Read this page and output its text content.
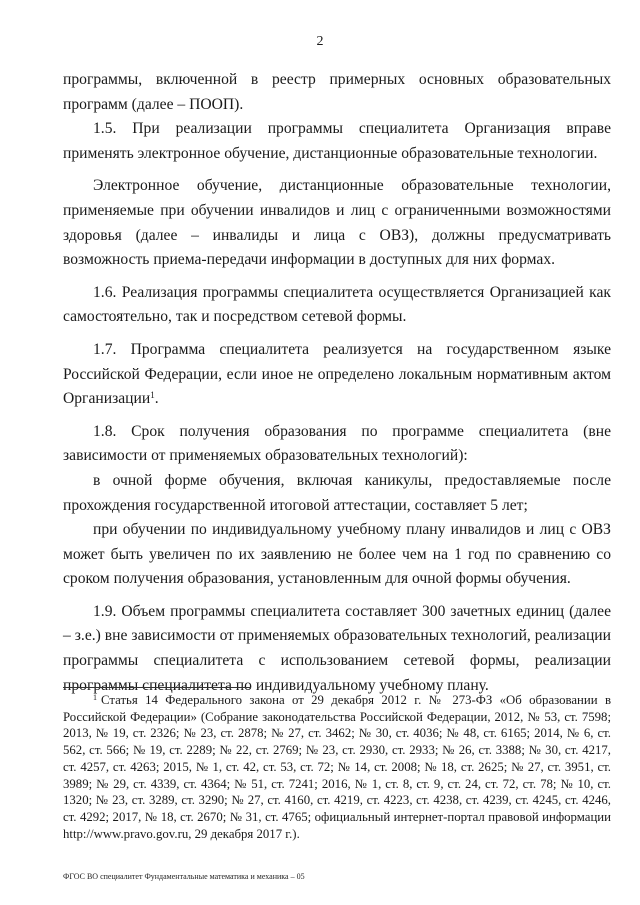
2

программы, включенной в реестр примерных основных образовательных программ (далее – ПООП).

1.5. При реализации программы специалитета Организация вправе применять электронное обучение, дистанционные образовательные технологии.

Электронное обучение, дистанционные образовательные технологии, применяемые при обучении инвалидов и лиц с ограниченными возможностями здоровья (далее – инвалиды и лица с ОВЗ), должны предусматривать возможность приема-передачи информации в доступных для них формах.

1.6. Реализация программы специалитета осуществляется Организацией как самостоятельно, так и посредством сетевой формы.

1.7. Программа специалитета реализуется на государственном языке Российской Федерации, если иное не определено локальным нормативным актом Организации$^1$.

1.8. Срок получения образования по программе специалитета (вне зависимости от применяемых образовательных технологий):

в очной форме обучения, включая каникулы, предоставляемые после прохождения государственной итоговой аттестации, составляет 5 лет;

при обучении по индивидуальному учебному плану инвалидов и лиц с ОВЗ может быть увеличен по их заявлению не более чем на 1 год по сравнению со сроком получения образования, установленным для очной формы обучения.

1.9. Объем программы специалитета составляет 300 зачетных единиц (далее – з.е.) вне зависимости от применяемых образовательных технологий, реализации программы специалитета с использованием сетевой формы, реализации программы специалитета по индивидуальному учебному плану.

$^1$ Статья 14 Федерального закона от 29 декабря 2012 г. № 273-ФЗ «Об образовании в Российской Федерации» (Собрание законодательства Российской Федерации, 2012, № 53, ст. 7598; 2013, № 19, ст. 2326; № 23, ст. 2878; № 27, ст. 3462; № 30, ст. 4036; № 48, ст. 6165; 2014, № 6, ст. 562, ст. 566; № 19, ст. 2289; № 22, ст. 2769; № 23, ст. 2930, ст. 2933; № 26, ст. 3388; № 30, ст. 4217, ст. 4257, ст. 4263; 2015, № 1, ст. 42, ст. 53, ст. 72; № 14, ст. 2008; № 18, ст. 2625; № 27, ст. 3951, ст. 3989; № 29, ст. 4339, ст. 4364; № 51, ст. 7241; 2016, № 1, ст. 8, ст. 9, ст. 24, ст. 72, ст. 78; № 10, ст. 1320; № 23, ст. 3289, ст. 3290; № 27, ст. 4160, ст. 4219, ст. 4223, ст. 4238, ст. 4239, ст. 4245, ст. 4246, ст. 4292; 2017, № 18, ст. 2670; № 31, ст. 4765; официальный интернет-портал правовой информации http://www.pravo.gov.ru, 29 декабря 2017 г.).

ФГОС ВО специалитет Фундаментальные математика и механика – 05
